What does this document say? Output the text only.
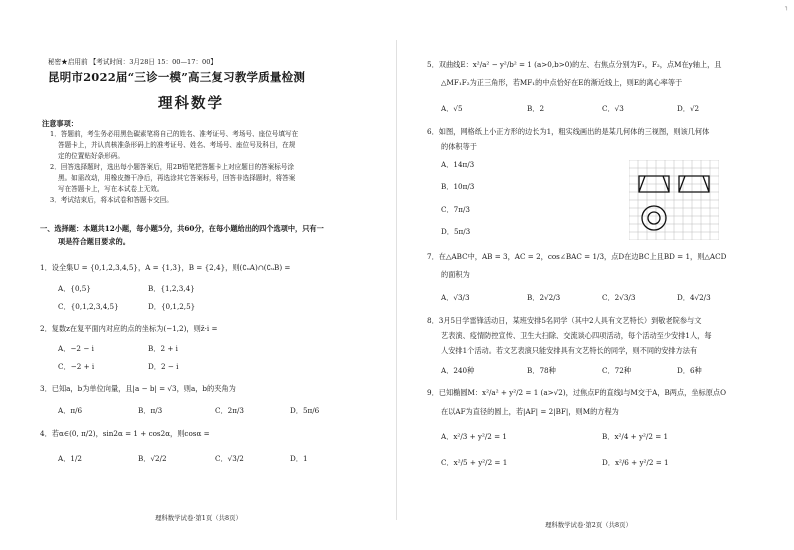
┐
秘密★启用前 【考试时间：3月28日 15：00—17：00】
昆明市2022届“三诊一模”高三复习教学质量检测
理科数学
注意事项：
1．答题前，考生务必用黑色碳素笔将自己的姓名、准考证号、考场号、座位号填写在
答题卡上，并认真核准条形码上的准考证号、姓名、考场号、座位号及科目，在规
定的位置贴好条形码。
2．回答选择题时，选出每小题答案后，用2B铅笔把答题卡上对应题目的答案标号涂
黑。如需改动，用橡皮擦干净后，再选涂其它答案标号，回答非选择题时，将答案
写在答题卡上，写在本试卷上无效。
3．考试结束后，将本试卷和答题卡交回。
一、选择题：本题共12小题，每小题5分，共60分，在每小题给出的四个选项中，只有一
项是符合题目要求的。
1．设全集U = {0,1,2,3,4,5}，A = {1,3}，B = {2,4}，则(∁ᵤA)∩(∁ᵤB) =
A．{0,5}	B．{1,2,3,4}
C．{0,1,2,3,4,5}	D．{0,1,2,5}
2．复数z在复平面内对应的点的坐标为(−1,2)，则z̄·i =
A．−2 − i	B．2 + i
C．−2 + i	D．2 − i
3．已知a，b为单位向量，且|a − b| = √3，则a，b的夹角为
A．π/6	B．π/3	C．2π/3	D．5π/6
4．若α∈(0, π/2)，sin2α = 1 + cos2α，则cosα =
A．1/2	B．√2/2	C．√3/2	D．1
理科数学试卷·第1页（共8页）
5．双曲线E：x²/a² − y²/b² = 1 (a>0,b>0)的左、右焦点分别为F₁，F₂，点M在y轴上，且
△MF₁F₂为正三角形，若MF₁的中点恰好在E的渐近线上，则E的离心率等于
A．√5	B．2	C．√3	D．√2
6．如图，网格纸上小正方形的边长为1，粗实线画出的是某几何体的三视图，则该几何体
的体积等于
A．14π/3
B．10π/3
C．7π/3
D．5π/3
7．在△ABC中，AB = 3，AC = 2，cos∠BAC = 1/3，点D在边BC上且BD = 1，则△ACD
的面积为
A．√3/3	B．2√2/3	C．2√3/3	D．4√2/3
8．3月5日学雷锋活动日，某班安排5名同学（其中2人具有文艺特长）到敬老院参与文
艺表演、疫情防控宣传、卫生大扫除、交流谈心四项活动，每个活动至少安排1人，每
人安排1个活动。若文艺表演只能安排具有文艺特长的同学，则不同的安排方法有
A．240种	B．78种	C．72种	D．6种
9．已知椭圆M：x²/a² + y²/2 = 1 (a>√2)，过焦点F的直线l与M交于A，B两点，坐标原点O
在以AF为直径的圆上，若|AF| = 2|BF|，则M的方程为
A．x²/3 + y²/2 = 1	B．x²/4 + y²/2 = 1
C．x²/5 + y²/2 = 1	D．x²/6 + y²/2 = 1
理科数学试卷·第2页（共8页）
